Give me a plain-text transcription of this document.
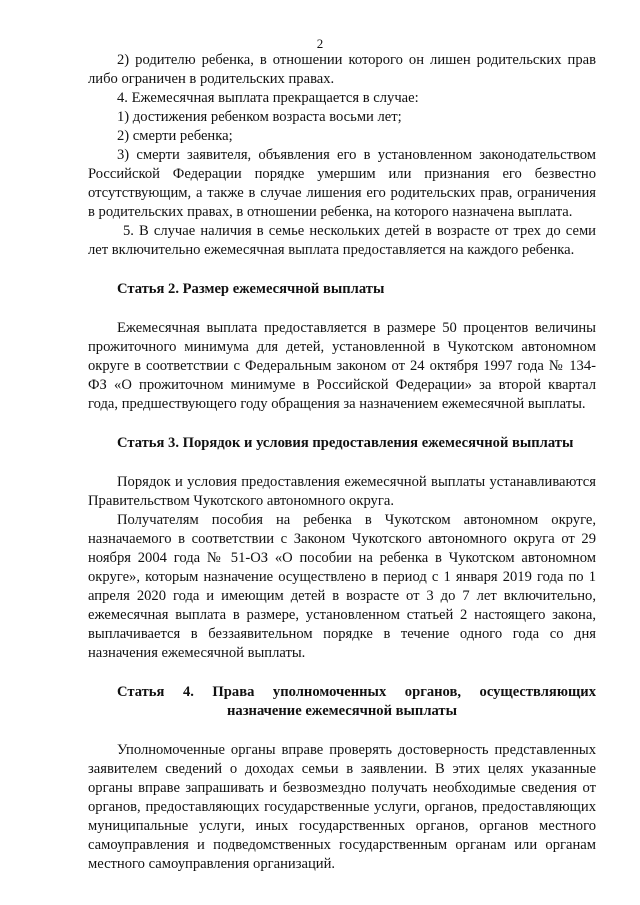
2

2) родителю ребенка, в отношении которого он лишен родительских прав либо ограничен в родительских правах.

4. Ежемесячная выплата прекращается в случае:

1) достижения ребенком возраста восьми лет;

2) смерти ребенка;

3) смерти заявителя, объявления его в установленном законодательством Российской Федерации порядке умершим или признания его безвестно отсутствующим, а также в случае лишения его родительских прав, ограничения в родительских правах, в отношении ребенка, на которого назначена выплата.

5. В случае наличия в семье нескольких детей в возрасте от трех до семи лет включительно ежемесячная выплата предоставляется на каждого ребенка.

Статья 2. Размер ежемесячной выплаты

Ежемесячная выплата предоставляется в размере 50 процентов величины прожиточного минимума для детей, установленной в Чукотском автономном округе в соответствии с Федеральным законом от 24 октября 1997 года № 134-ФЗ «О прожиточном минимуме в Российской Федерации» за второй квартал года, предшествующего году обращения за назначением ежемесячной выплаты.

Статья 3. Порядок и условия предоставления ежемесячной выплаты

Порядок и условия предоставления ежемесячной выплаты устанавливаются Правительством Чукотского автономного округа.

Получателям пособия на ребенка в Чукотском автономном округе, назначаемого в соответствии с Законом Чукотского автономного округа от 29 ноября 2004 года № 51-ОЗ «О пособии на ребенка в Чукотском автономном округе», которым назначение осуществлено в период с 1 января 2019 года по 1 апреля 2020 года и имеющим детей в возрасте от 3 до 7 лет включительно, ежемесячная выплата в размере, установленном статьей 2 настоящего закона, выплачивается в беззаявительном порядке в течение одного года со дня назначения ежемесячной выплаты.

Статья 4. Права уполномоченных органов, осуществляющих

назначение ежемесячной выплаты

Уполномоченные органы вправе проверять достоверность представленных заявителем сведений о доходах семьи в заявлении. В этих целях указанные органы вправе запрашивать и безвозмездно получать необходимые сведения от органов, предоставляющих государственные услуги, органов, предоставляющих муниципальные услуги, иных государственных органов, органов местного самоуправления и подведомственных государственным органам или органам местного самоуправления организаций.
